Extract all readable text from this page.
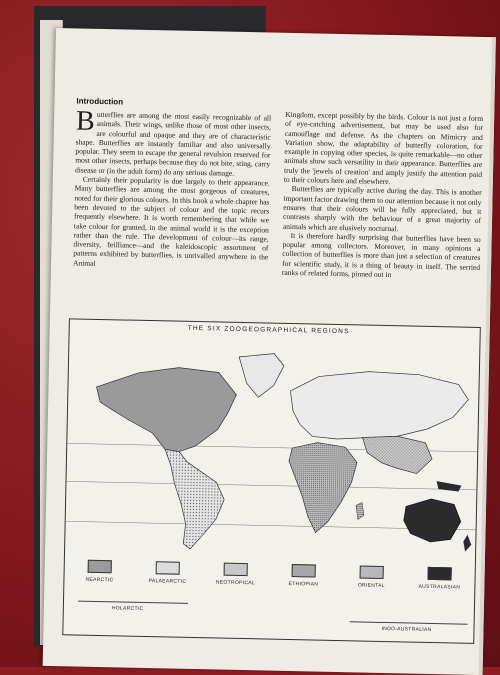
Introduction

Butterflies are among the most easily recognizable of all animals. Their wings, unlike those of most other insects, are colourful and opaque and they are of characteristic shape. Butterflies are instantly familiar and also universally popular. They seem to escape the general revulsion reserved for most other insects, perhaps because they do not bite, sting, carry disease or (in the adult form) do any serious damage.

Certainly their popularity is due largely to their appearance. Many butterflies are among the most gorgeous of creatures, noted for their glorious colours. In this book a whole chapter has been devoted to the subject of colour and the topic recurs frequently elsewhere. It is worth remembering that while we take colour for granted, in the animal world it is the exception rather than the rule. The development of colour—its range, diversity, brilliance—and the kaleidoscopic assortment of patterns exhibited by butterflies, is unrivalled anywhere in the Animal

Kingdom, except possibly by the birds. Colour is not just a form of eye-catching advertisement, but may be used also for camouflage and defense. As the chapters on Mimicry and Variation show, the adaptability of butterfly coloration, for example in copying other species, is quite remarkable—no other animals show such versatility in their appearance. Butterflies are truly the 'jewels of creation' and amply justify the attention paid to their colours here and elsewhere.

Butterflies are typically active during the day. This is another important factor drawing them to our attention because it not only ensures that their colours will be fully appreciated, but it contrasts sharply with the behaviour of a great majority of animals which are elusively nocturnal.

It is therefore hardly surprising that butterflies have been so popular among collectors. Moreover, in many opinions a collection of butterflies is more than just a selection of creatures for scientific study, it is a thing of beauty in itself. The serried ranks of related forms, pinned out in

THE SIX ZOOGEOGRAPHICAL REGIONS
NEARCTIC	PALAEARCTIC	NEOTROPICAL	ETHIOPIAN	ORIENTAL	AUSTRALASIAN
HOLARCTIC
INDO-AUSTRALIAN
